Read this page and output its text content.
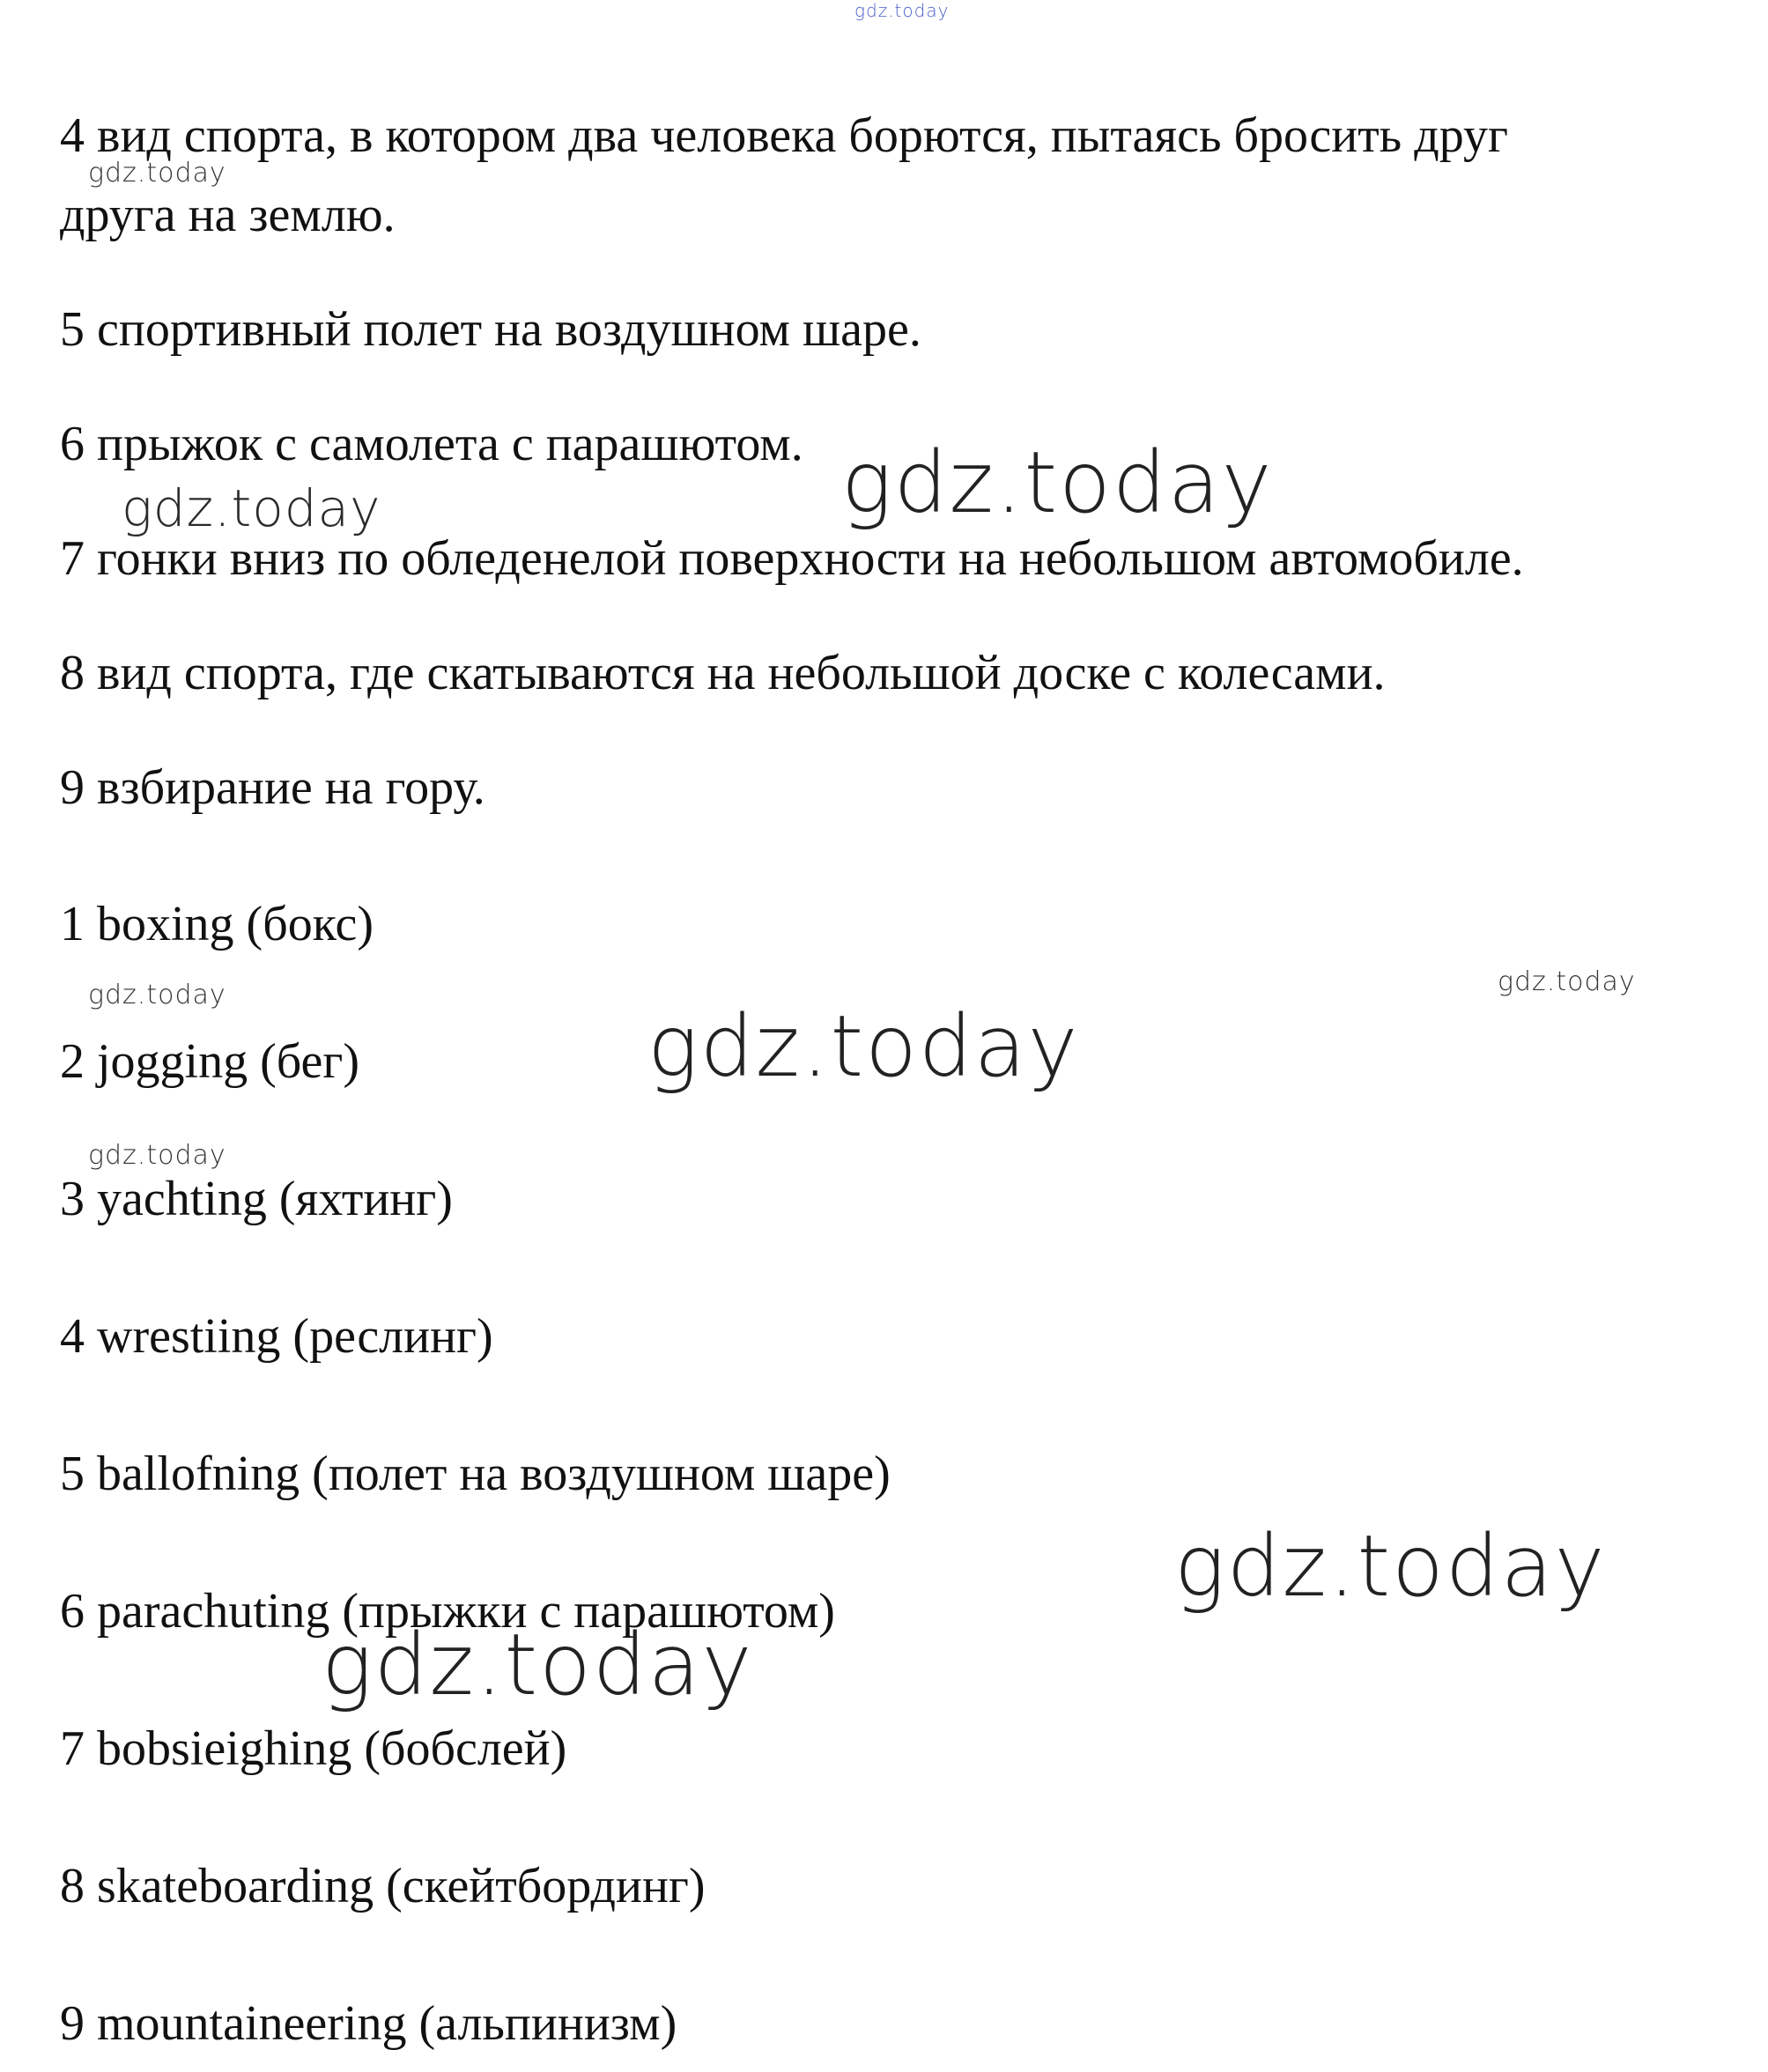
gdz.today
gdz.today
gdz.today	gdz.today
gdz.today	gdz.today
gdz.today
gdz.today
gdz.today
gdz.today
4 вид спорта, в котором два человека борются, пытаясь бросить друг
друга на землю.
5 спортивный полет на воздушном шаре.
6 прыжок с самолета с парашютом.
7 гонки вниз по обледенелой поверхности на небольшом автомобиле.
8 вид спорта, где скатываются на небольшой доске с колесами.
9 взбирание на гору.
1 boxing (бокс)
2 jogging (бег)
3 yachting (яхтинг)
4 wrestiing (реслинг)
5 ballofning (полет на воздушном шаре)
6 parachuting (прыжки с парашютом)
7 bobsieighing (бобслей)
8 skateboarding (скейтбординг)
9 mountaineering (альпинизм)
